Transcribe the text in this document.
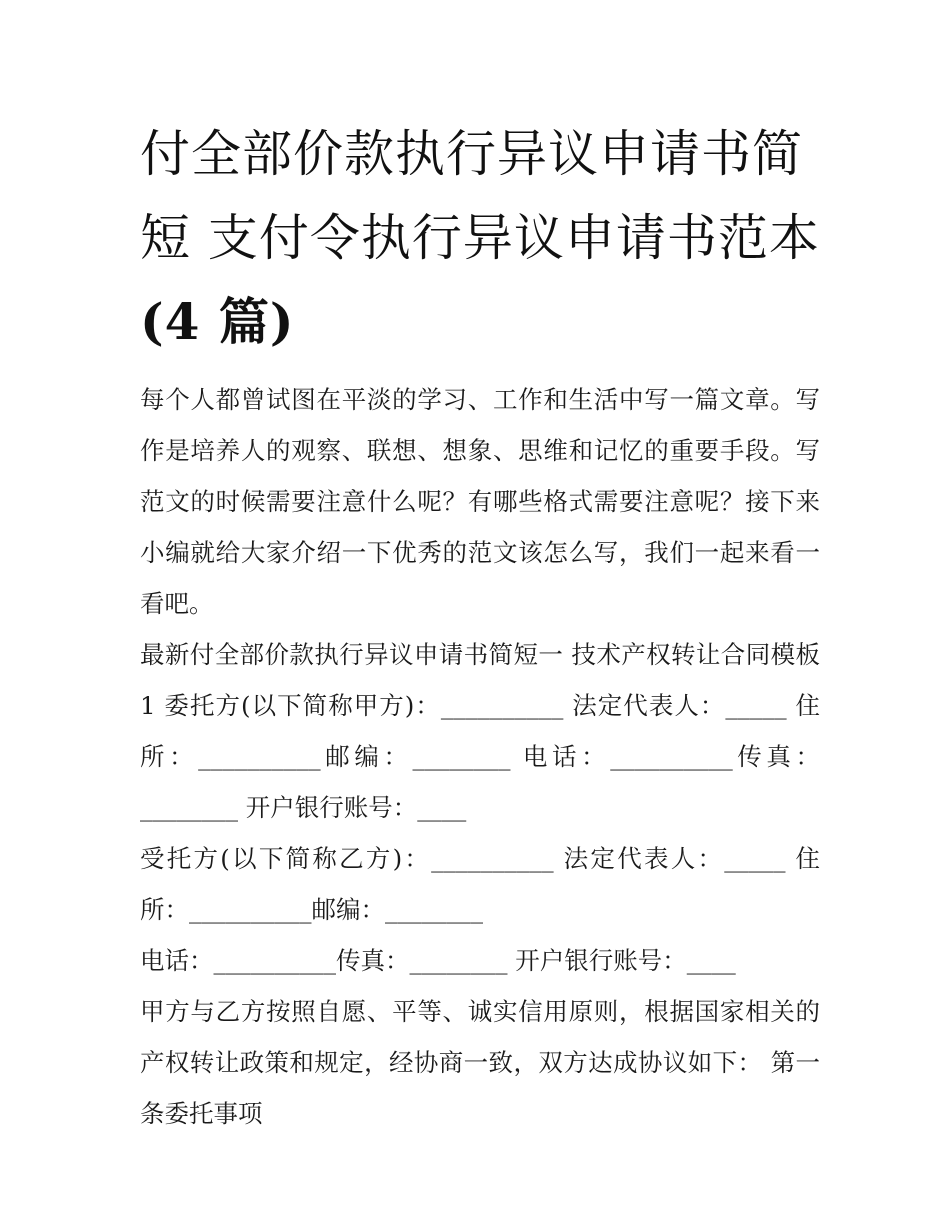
付全部价款执行异议申请书简
短 支付令执行异议申请书范本
(4 篇)

每个人都曾试图在平淡的学习、工作和生活中写一篇文章。写作是培养人的观察、联想、想象、思维和记忆的重要手段。写范文的时候需要注意什么呢？有哪些格式需要注意呢？接下来小编就给大家介绍一下优秀的范文该怎么写，我们一起来看一看吧。

最新付全部价款执行异议申请书简短一 技术产权转让合同模板 1 委托方(以下简称甲方)：__________ 法定代表人：_____ 住所：__________邮编：________ 电话：__________传真：________ 开户银行账号：____

受托方(以下简称乙方)：__________ 法定代表人：_____ 住所：__________邮编：________

电话：__________传真：________ 开户银行账号：____

甲方与乙方按照自愿、平等、诚实信用原则，根据国家相关的产权转让政策和规定，经协商一致，双方达成协议如下： 第一条委托事项
